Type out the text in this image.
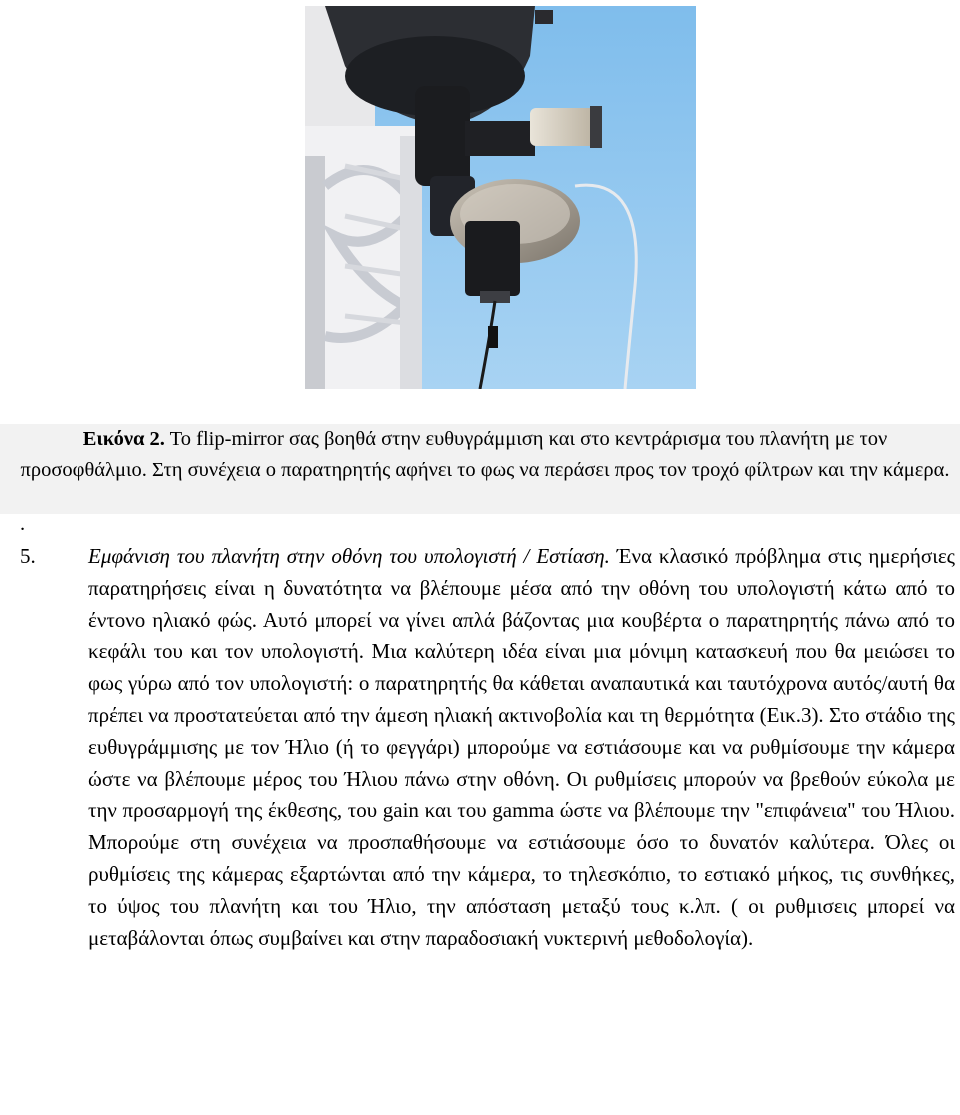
Εικόνα 2. Το flip-mirror σας βοηθά στην ευθυγράμμιση και στο κεντράρισμα του πλανήτη με τον προσοφθάλμιο. Στη συνέχεια ο παρατηρητής αφήνει το φως να περάσει προς τον τροχό φίλτρων και την κάμερα.

.
5. Εμφάνιση του πλανήτη στην οθόνη του υπολογιστή / Εστίαση. Ένα κλασικό πρόβλημα στις ημερήσιες παρατηρήσεις είναι η δυνατότητα να βλέπουμε μέσα από την οθόνη του υπολογιστή κάτω από το έντονο ηλιακό φώς. Αυτό μπορεί να γίνει απλά βάζοντας μια κουβέρτα ο παρατηρητής πάνω από το κεφάλι του και τον υπολογιστή. Μια καλύτερη ιδέα είναι μια μόνιμη κατασκευή που θα μειώσει το φως γύρω από τον υπολογιστή: ο παρατηρητής θα κάθεται αναπαυτικά και ταυτόχρονα αυτός/αυτή θα πρέπει να προστατεύεται από την άμεση ηλιακή ακτινοβολία και τη θερμότητα (Εικ.3). Στο στάδιο της ευθυγράμμισης με τον Ήλιο (ή το φεγγάρι) μπορούμε να εστιάσουμε και να ρυθμίσουμε την κάμερα ώστε να βλέπουμε μέρος του Ήλιου πάνω στην οθόνη. Οι ρυθμίσεις μπορούν να βρεθούν εύκολα με την προσαρμογή της έκθεσης, του gain και του gamma ώστε να βλέπουμε την "επιφάνεια" του Ήλιου. Μπορούμε στη συνέχεια να προσπαθήσουμε να εστιάσουμε όσο το δυνατόν καλύτερα. Όλες οι ρυθμίσεις της κάμερας εξαρτώνται από την κάμερα, το τηλεσκόπιο, το εστιακό μήκος, τις συνθήκες, το ύψος του πλανήτη και του Ήλιο, την απόσταση μεταξύ τους κ.λπ. ( οι ρυθμισεις μπορεί να μεταβάλονται όπως συμβαίνει και στην παραδοσιακή νυκτερινή μεθοδολογία).
